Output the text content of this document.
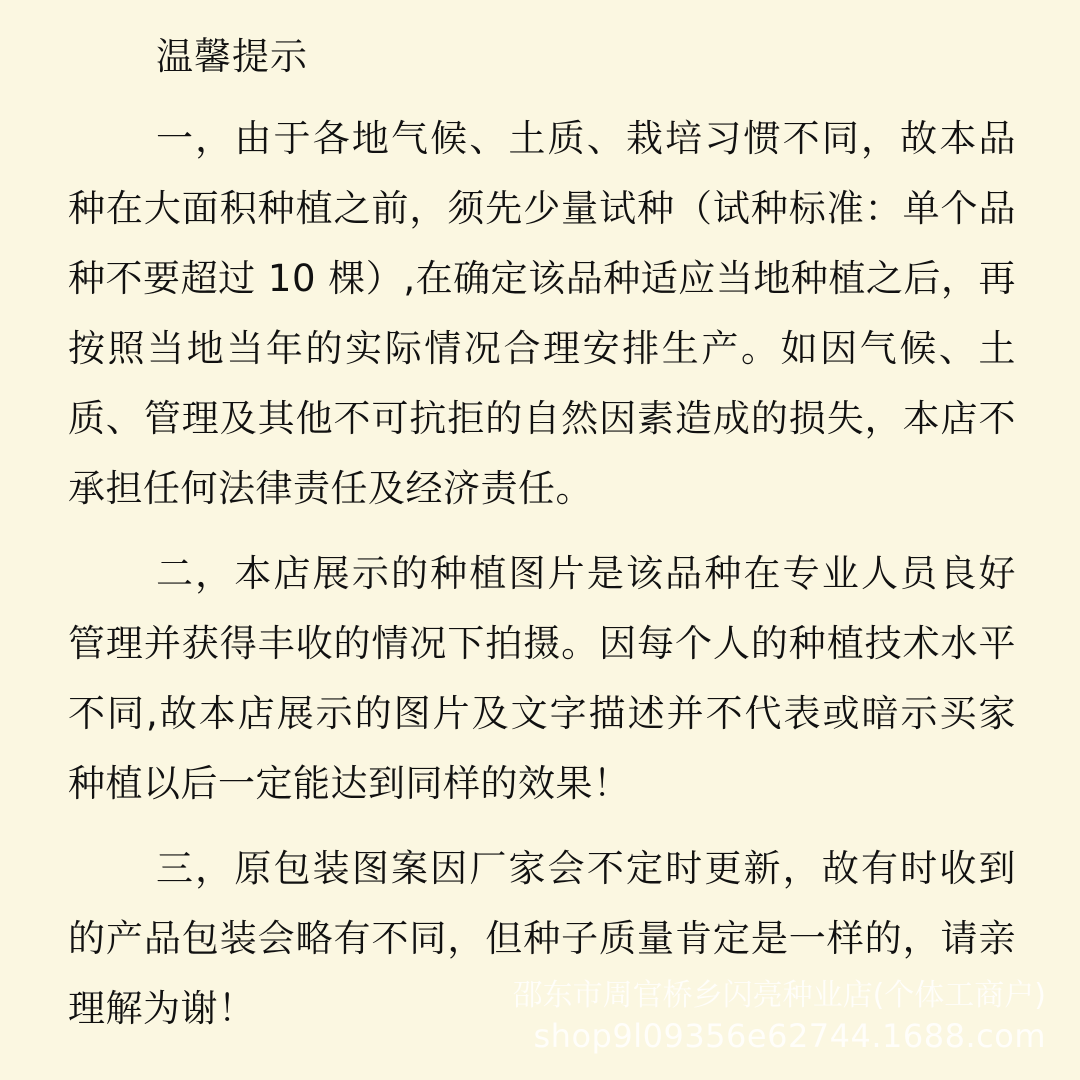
温馨提示

一，由于各地气候、土质、栽培习惯不同，故本品种在大面积种植之前，须先少量试种（试种标准：单个品种不要超过 10 棵）,在确定该品种适应当地种植之后，再按照当地当年的实际情况合理安排生产。如因气候、土质、管理及其他不可抗拒的自然因素造成的损失，本店不承担任何法律责任及经济责任。

二，本店展示的种植图片是该品种在专业人员良好管理并获得丰收的情况下拍摄。因每个人的种植技术水平不同,故本店展示的图片及文字描述并不代表或暗示买家种植以后一定能达到同样的效果！

三，原包装图案因厂家会不定时更新，故有时收到的产品包装会略有不同，但种子质量肯定是一样的，请亲理解为谢！	邵东市周官桥乡闪亮种业店(个体工商户)
shop9l09356e62744.1688.com
